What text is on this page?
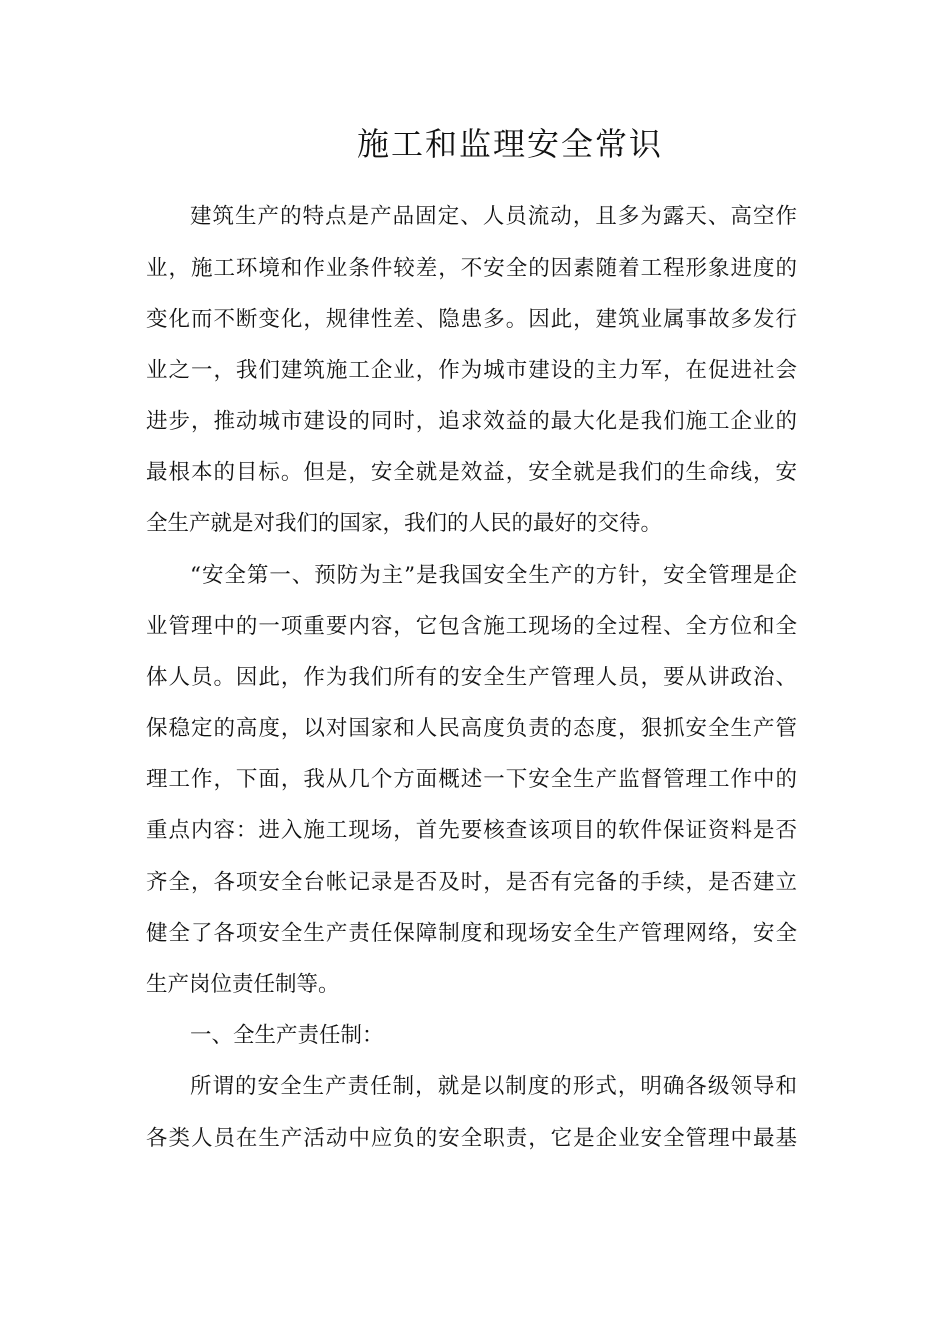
施工和监理安全常识

建筑生产的特点是产品固定、人员流动，且多为露天、高空作

业，施工环境和作业条件较差，不安全的因素随着工程形象进度的

变化而不断变化，规律性差、隐患多。因此，建筑业属事故多发行

业之一，我们建筑施工企业，作为城市建设的主力军，在促进社会

进步，推动城市建设的同时，追求效益的最大化是我们施工企业的

最根本的目标。但是，安全就是效益，安全就是我们的生命线，安

全生产就是对我们的国家，我们的人民的最好的交待。

“安全第一、预防为主”是我国安全生产的方针，安全管理是企

业管理中的一项重要内容，它包含施工现场的全过程、全方位和全

体人员。因此，作为我们所有的安全生产管理人员，要从讲政治、

保稳定的高度，以对国家和人民高度负责的态度，狠抓安全生产管

理工作，下面，我从几个方面概述一下安全生产监督管理工作中的

重点内容：进入施工现场，首先要核查该项目的软件保证资料是否

齐全，各项安全台帐记录是否及时，是否有完备的手续，是否建立

健全了各项安全生产责任保障制度和现场安全生产管理网络，安全

生产岗位责任制等。

一、全生产责任制：

所谓的安全生产责任制，就是以制度的形式，明确各级领导和

各类人员在生产活动中应负的安全职责，它是企业安全管理中最基
